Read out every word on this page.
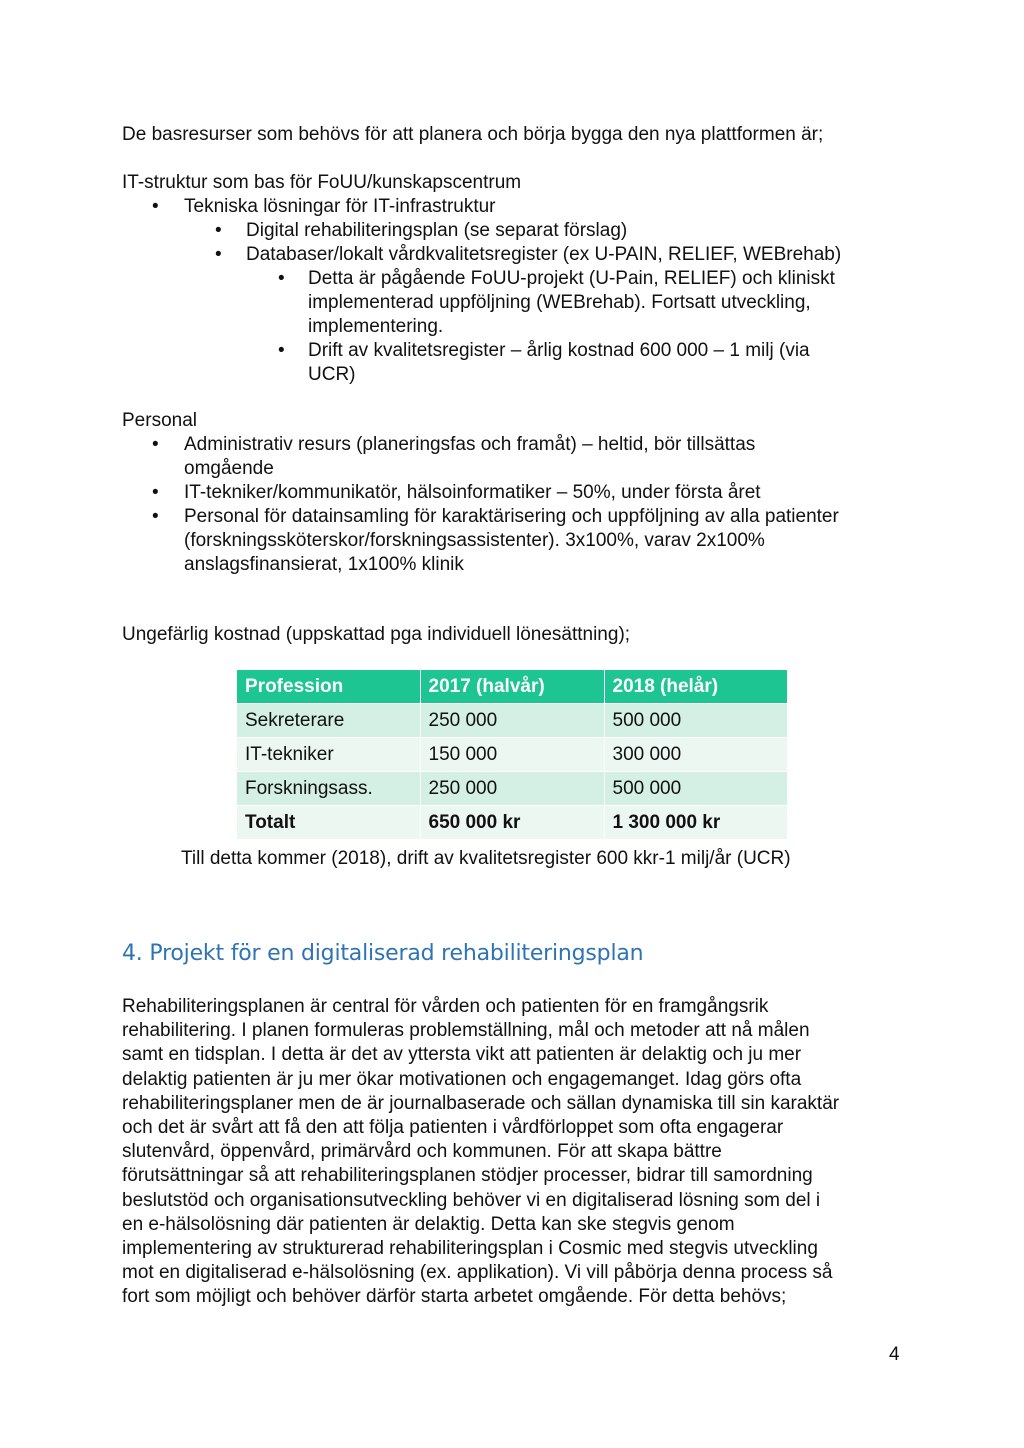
De basresurser som behövs för att planera och börja bygga den nya plattformen är;
IT-struktur som bas för FoUU/kunskapscentrum
• Tekniska lösningar för IT-infrastruktur
• Digital rehabiliteringsplan (se separat förslag)
• Databaser/lokalt vårdkvalitetsregister (ex U-PAIN, RELIEF, WEBrehab)
• Detta är pågående FoUU-projekt (U-Pain, RELIEF) och kliniskt
implementerad uppföljning (WEBrehab). Fortsatt utveckling,
implementering.
• Drift av kvalitetsregister – årlig kostnad 600 000 – 1 milj (via
UCR)
Personal
• Administrativ resurs (planeringsfas och framåt) – heltid, bör tillsättas
omgående
• IT-tekniker/kommunikatör, hälsoinformatiker – 50%, under första året
• Personal för datainsamling för karaktärisering och uppföljning av alla patienter
(forskningssköterskor/forskningsassistenter). 3x100%, varav 2x100%
anslagsfinansierat, 1x100% klinik
Ungefärlig kostnad (uppskattad pga individuell lönesättning);
Profession	2017 (halvår)	2018 (helår)
Sekreterare	250 000	500 000
IT-tekniker	150 000	300 000
Forskningsass.	250 000	500 000
Totalt	650 000 kr	1 300 000 kr
Till detta kommer (2018), drift av kvalitetsregister 600 kkr-1 milj/år (UCR)
4. Projekt för en digitaliserad rehabiliteringsplan
Rehabiliteringsplanen är central för vården och patienten för en framgångsrik
rehabilitering. I planen formuleras problemställning, mål och metoder att nå målen
samt en tidsplan. I detta är det av yttersta vikt att patienten är delaktig och ju mer
delaktig patienten är ju mer ökar motivationen och engagemanget. Idag görs ofta
rehabiliteringsplaner men de är journalbaserade och sällan dynamiska till sin karaktär
och det är svårt att få den att följa patienten i vårdförloppet som ofta engagerar
slutenvård, öppenvård, primärvård och kommunen. För att skapa bättre
förutsättningar så att rehabiliteringsplanen stödjer processer, bidrar till samordning
beslutstöd och organisationsutveckling behöver vi en digitaliserad lösning som del i
en e-hälsolösning där patienten är delaktig. Detta kan ske stegvis genom
implementering av strukturerad rehabiliteringsplan i Cosmic med stegvis utveckling
mot en digitaliserad e-hälsolösning (ex. applikation). Vi vill påbörja denna process så
fort som möjligt och behöver därför starta arbetet omgående. För detta behövs;
4
